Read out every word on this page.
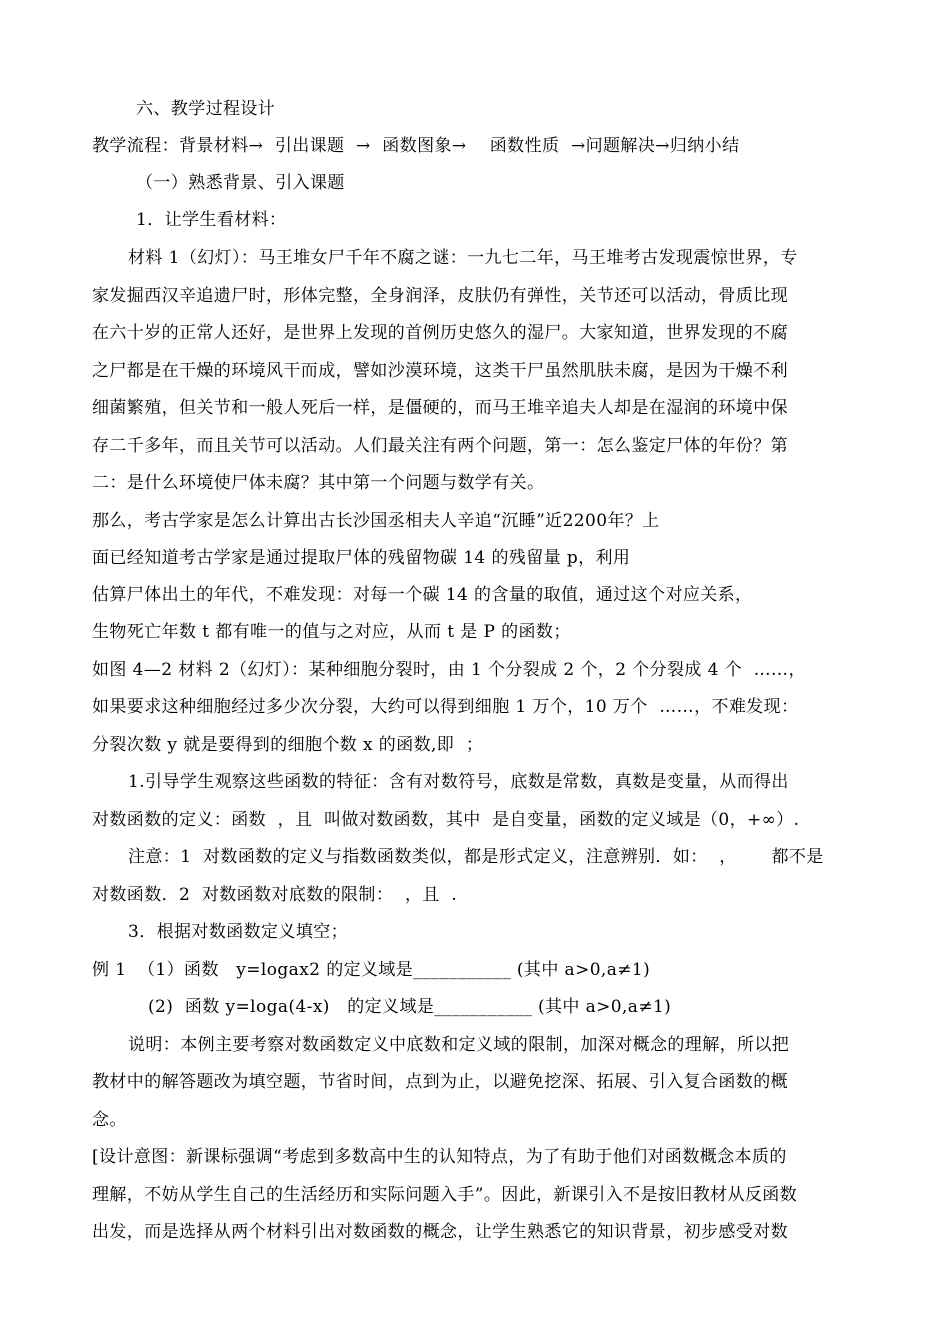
六、教学过程设计
教学流程：背景材料→  引出课题  →  函数图象→    函数性质  →问题解决→归纳小结
（一）熟悉背景、引入课题
1．让学生看材料：
材料 1（幻灯）：马王堆女尸千年不腐之谜：一九七二年，马王堆考古发现震惊世界，专
家发掘西汉辛追遗尸时，形体完整，全身润泽，皮肤仍有弹性，关节还可以活动，骨质比现
在六十岁的正常人还好，是世界上发现的首例历史悠久的湿尸。大家知道，世界发现的不腐
之尸都是在干燥的环境风干而成，譬如沙漠环境，这类干尸虽然肌肤未腐，是因为干燥不利
细菌繁殖，但关节和一般人死后一样，是僵硬的，而马王堆辛追夫人却是在湿润的环境中保
存二千多年，而且关节可以活动。人们最关注有两个问题，第一：怎么鉴定尸体的年份？第
二：是什么环境使尸体未腐？其中第一个问题与数学有关。
那么，考古学家是怎么计算出古长沙国丞相夫人辛追“沉睡”近2200年？上
面已经知道考古学家是通过提取尸体的残留物碳 14 的残留量 p，利用
估算尸体出土的年代，不难发现：对每一个碳 14 的含量的取值，通过这个对应关系，
生物死亡年数 t 都有唯一的值与之对应，从而 t 是 P 的函数；
如图 4—2 材料 2（幻灯）：某种细胞分裂时，由 1 个分裂成 2 个，2 个分裂成 4 个  ……，
如果要求这种细胞经过多少次分裂，大约可以得到细胞 1 万个，10 万个  ……，不难发现：
分裂次数 y 就是要得到的细胞个数 x 的函数,即  ；
1.引导学生观察这些函数的特征：含有对数符号，底数是常数，真数是变量，从而得出
对数函数的定义：函数  ，且  叫做对数函数，其中  是自变量，函数的定义域是（0，+∞）.
注意：1  对数函数的定义与指数函数类似，都是形式定义，注意辨别．如：  ，      都不是
对数函数．2  对数函数对底数的限制：  ，且  .
3．根据对数函数定义填空；
例 1  （1）函数   y=logax2 的定义域是___________ (其中 a>0,a≠1)
(2)  函数 y=loga(4-x)   的定义域是___________ (其中 a>0,a≠1)
说明：本例主要考察对数函数定义中底数和定义域的限制，加深对概念的理解，所以把
教材中的解答题改为填空题，节省时间，点到为止，以避免挖深、拓展、引入复合函数的概
念。
[设计意图：新课标强调“考虑到多数高中生的认知特点，为了有助于他们对函数概念本质的
理解，不妨从学生自己的生活经历和实际问题入手”。因此，新课引入不是按旧教材从反函数
出发，而是选择从两个材料引出对数函数的概念，让学生熟悉它的知识背景，初步感受对数
